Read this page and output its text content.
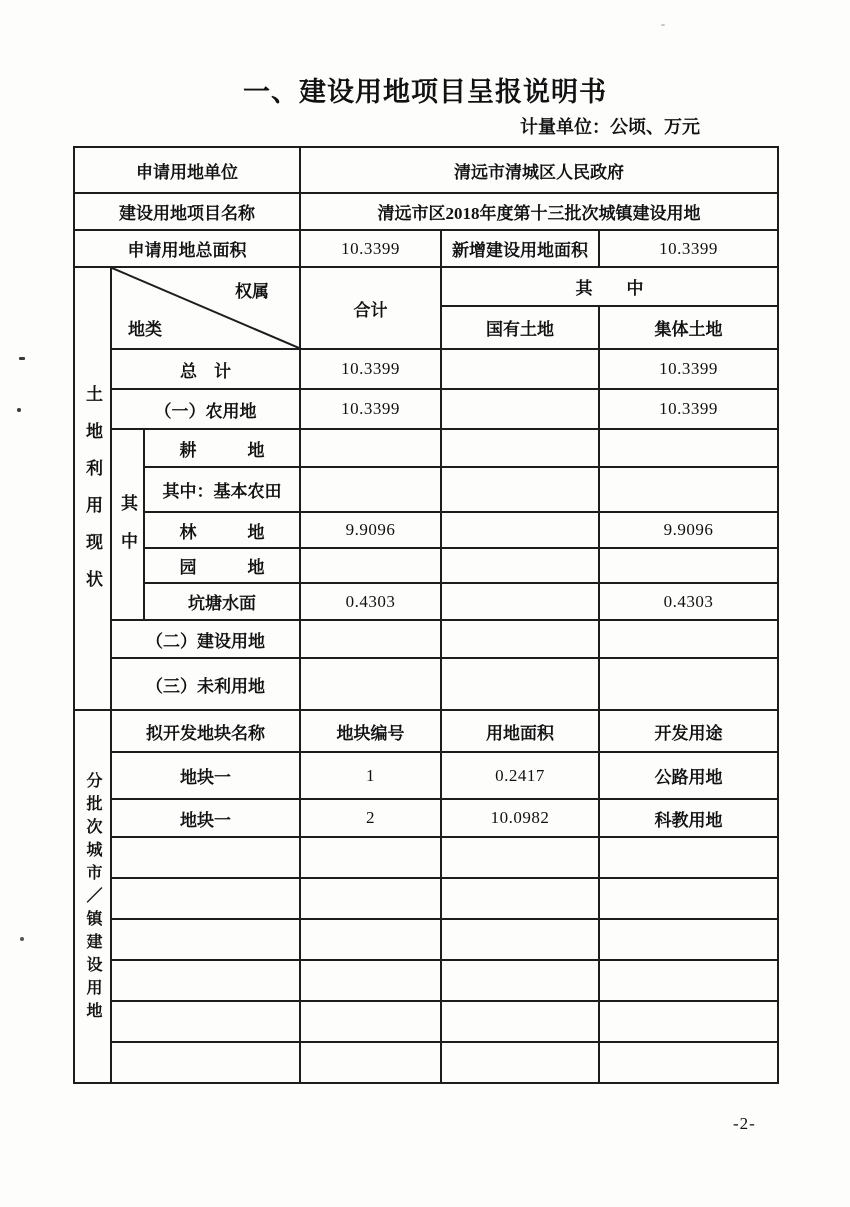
一、建设用地项目呈报说明书
计量单位：公顷、万元
申请用地单位			清远市清城区人民政府		
建设用地项目名称			清远市区2018年度第十三批次城镇建设用地		
申请用地总面积			10.3399	新增建设用地面积	10.3399
土地利用现状	权属
地类		合计	其　　中	
				国有土地	集体土地
	总　计		10.3399		10.3399
	（一）农用地		10.3399		10.3399
	其中	耕　　　地			
		其中：基本农田			
		林　　　地	9.9096		9.9096
		园　　　地			
		坑塘水面	0.4303		0.4303
	（二）建设用地				
	（三）未利用地				
分批次城市／镇建设用地	拟开发地块名称		地块编号	用地面积	开发用途
	地块一		1	0.2417	公路用地
	地块一		2	10.0982	科教用地

-2-
